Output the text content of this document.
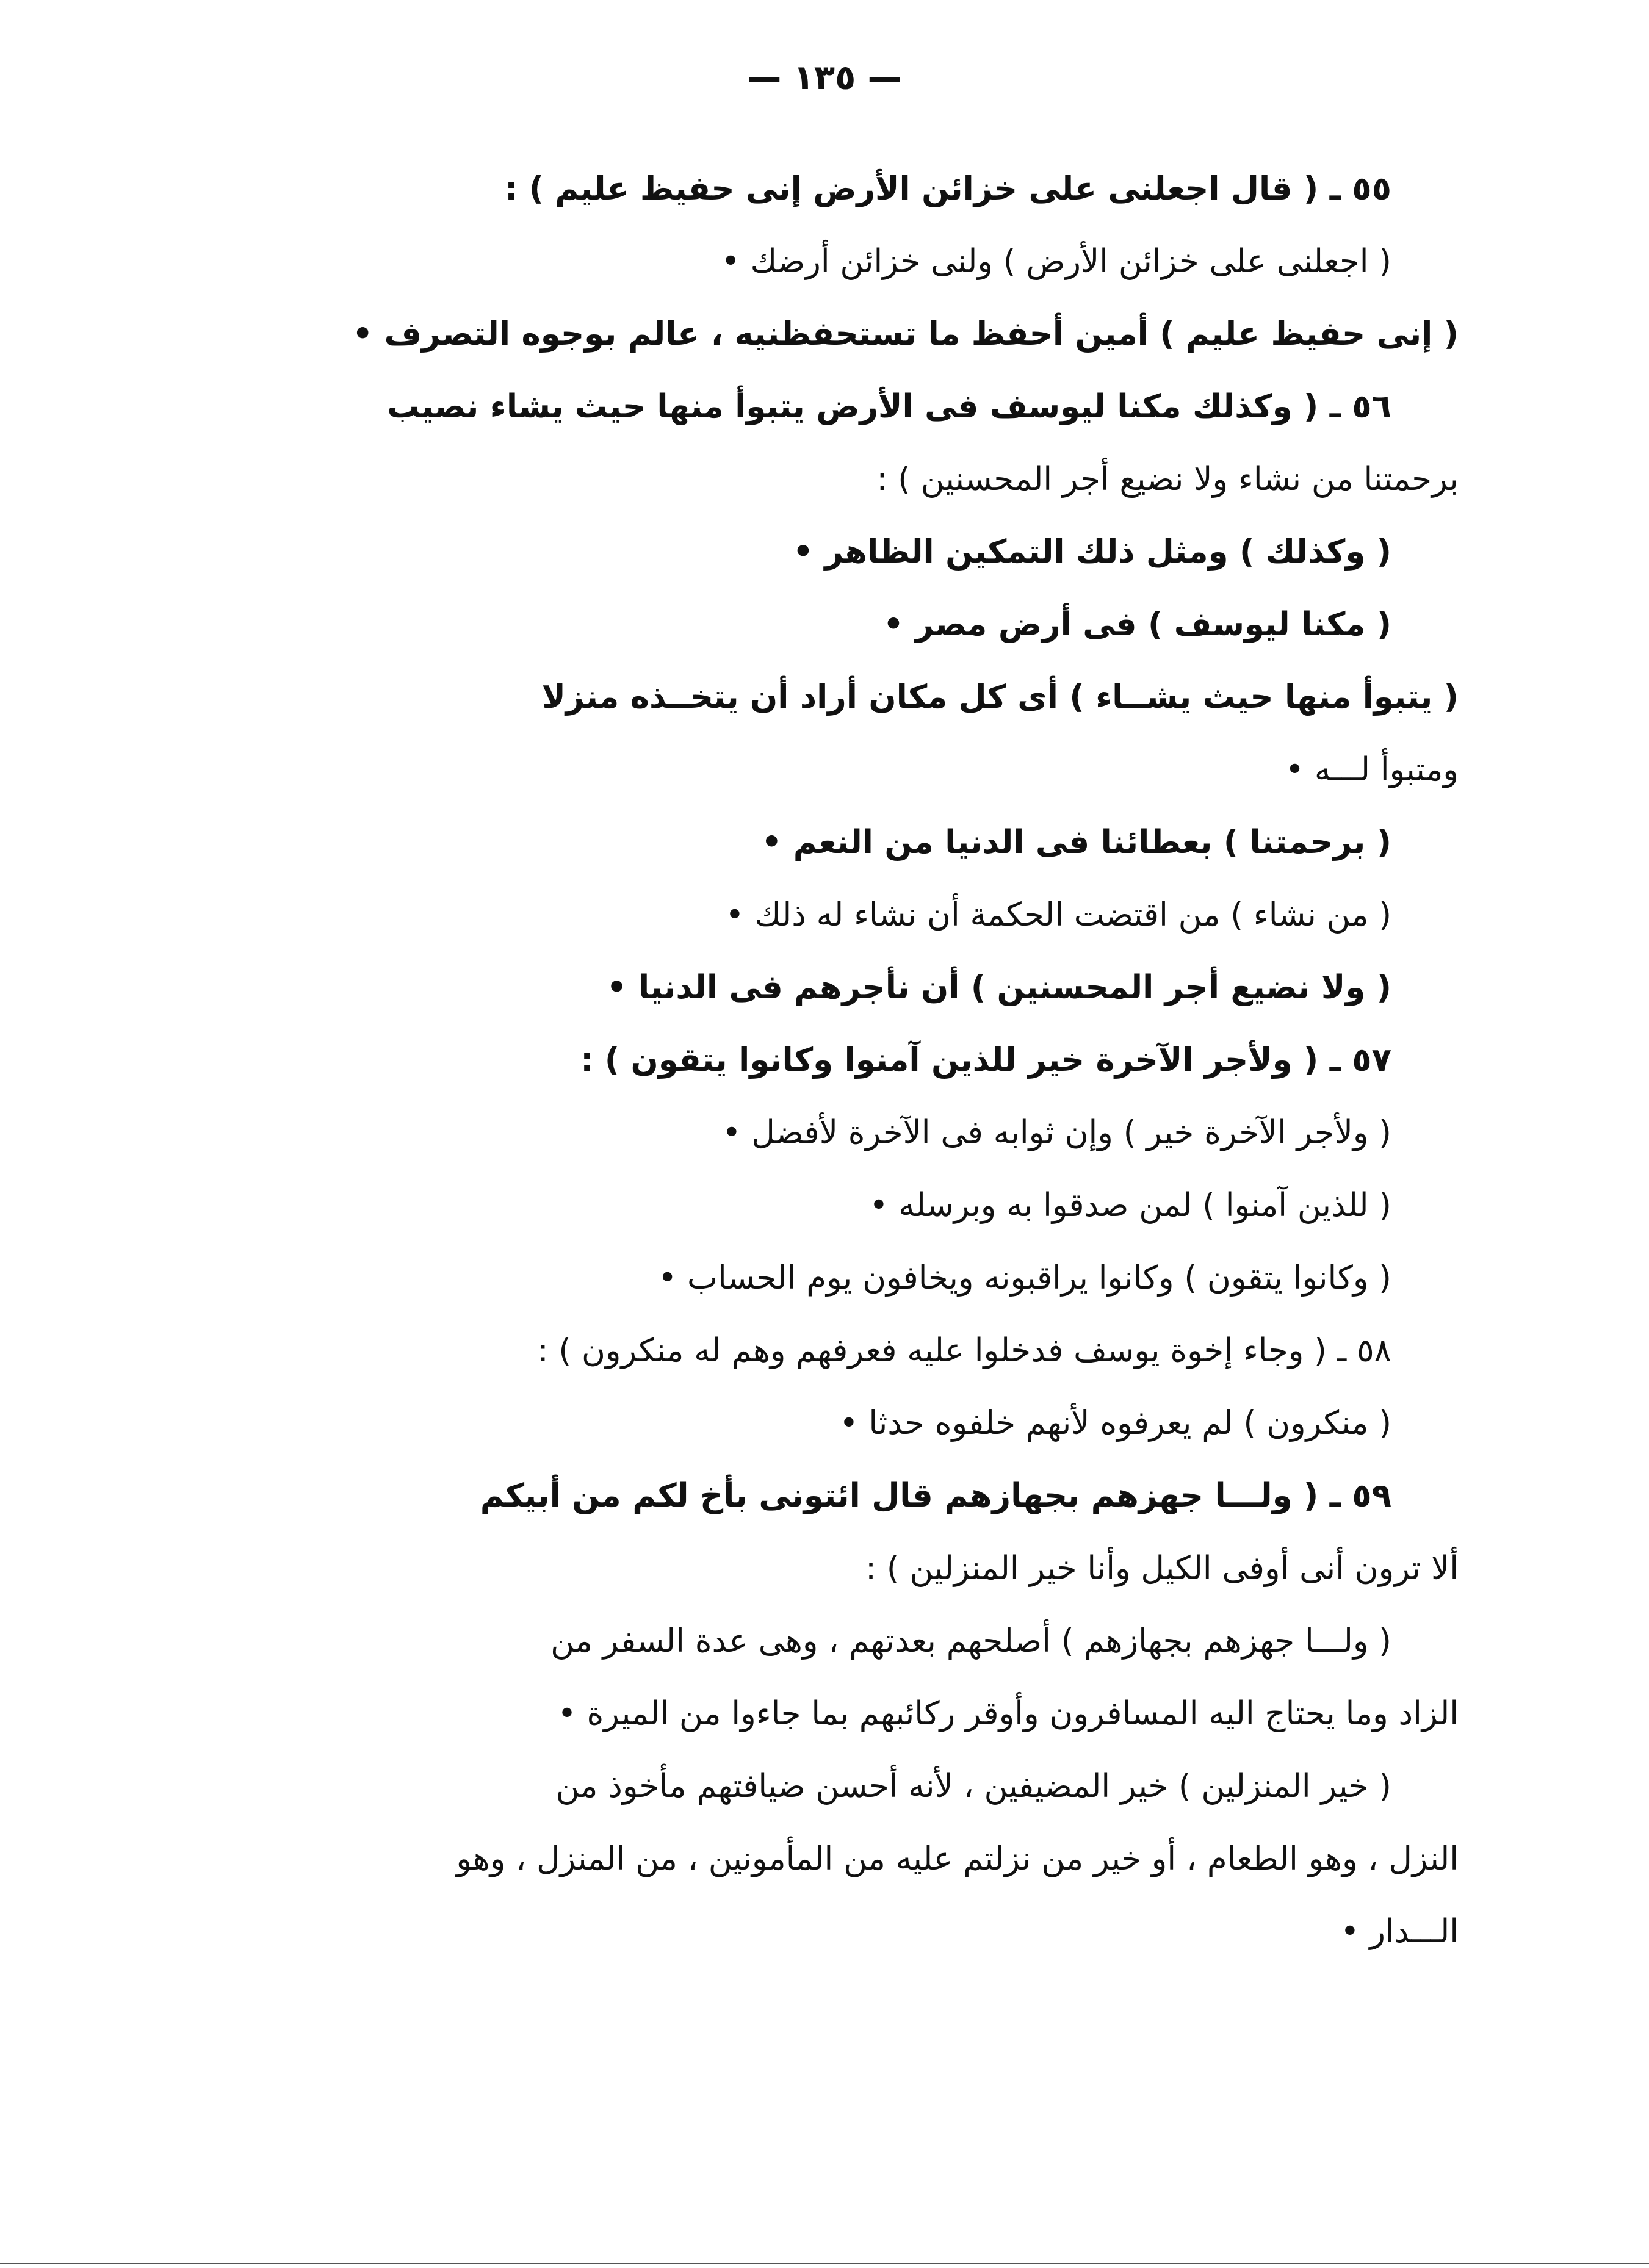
— ١٣٥ —

٥٥ ـ ( قال اجعلنى على خزائن الأرض إنى حفيظ عليم ) :

( اجعلنى على خزائن الأرض ) ولنى خزائن أرضك •

( إنى حفيظ عليم ) أمين أحفظ ما تستحفظنيه ، عالم بوجوه التصرف •

٥٦ ـ ( وكذلك مكنا ليوسف فى الأرض يتبوأ منها حيث يشاء نصيب

برحمتنا من نشاء ولا نضيع أجر المحسنين ) :

( وكذلك ) ومثل ذلك التمكين الظاهر •

( مكنا ليوسف ) فى أرض مصر •

( يتبوأ منها حيث يشــاء ) أى كل مكان أراد أن يتخــذه منزلا

ومتبوأ لـــه •

( برحمتنا ) بعطائنا فى الدنيا من النعم •

( من نشاء ) من اقتضت الحكمة أن نشاء له ذلك •

( ولا نضيع أجر المحسنين ) أن نأجرهم فى الدنيا •

٥٧ ـ ( ولأجر الآخرة خير للذين آمنوا وكانوا يتقون ) :

( ولأجر الآخرة خير ) وإن ثوابه فى الآخرة لأفضل •

( للذين آمنوا ) لمن صدقوا به وبرسله •

( وكانوا يتقون ) وكانوا يراقبونه ويخافون يوم الحساب •

٥٨ ـ ( وجاء إخوة يوسف فدخلوا عليه فعرفهم وهم له منكرون ) :

( منكرون ) لم يعرفوه لأنهم خلفوه حدثا •

٥٩ ـ ( ولـــا جهزهم بجهازهم قال ائتونى بأخ لكم من أبيكم

ألا ترون أنى أوفى الكيل وأنا خير المنزلين ) :

( ولـــا جهزهم بجهازهم ) أصلحهم بعدتهم ، وهى عدة السفر من

الزاد وما يحتاج اليه المسافرون وأوقر ركائبهم بما جاءوا من الميرة •

( خير المنزلين ) خير المضيفين ، لأنه أحسن ضيافتهم مأخوذ من

النزل ، وهو الطعام ، أو خير من نزلتم عليه من المأمونين ، من المنزل ، وهو

الـــدار •
